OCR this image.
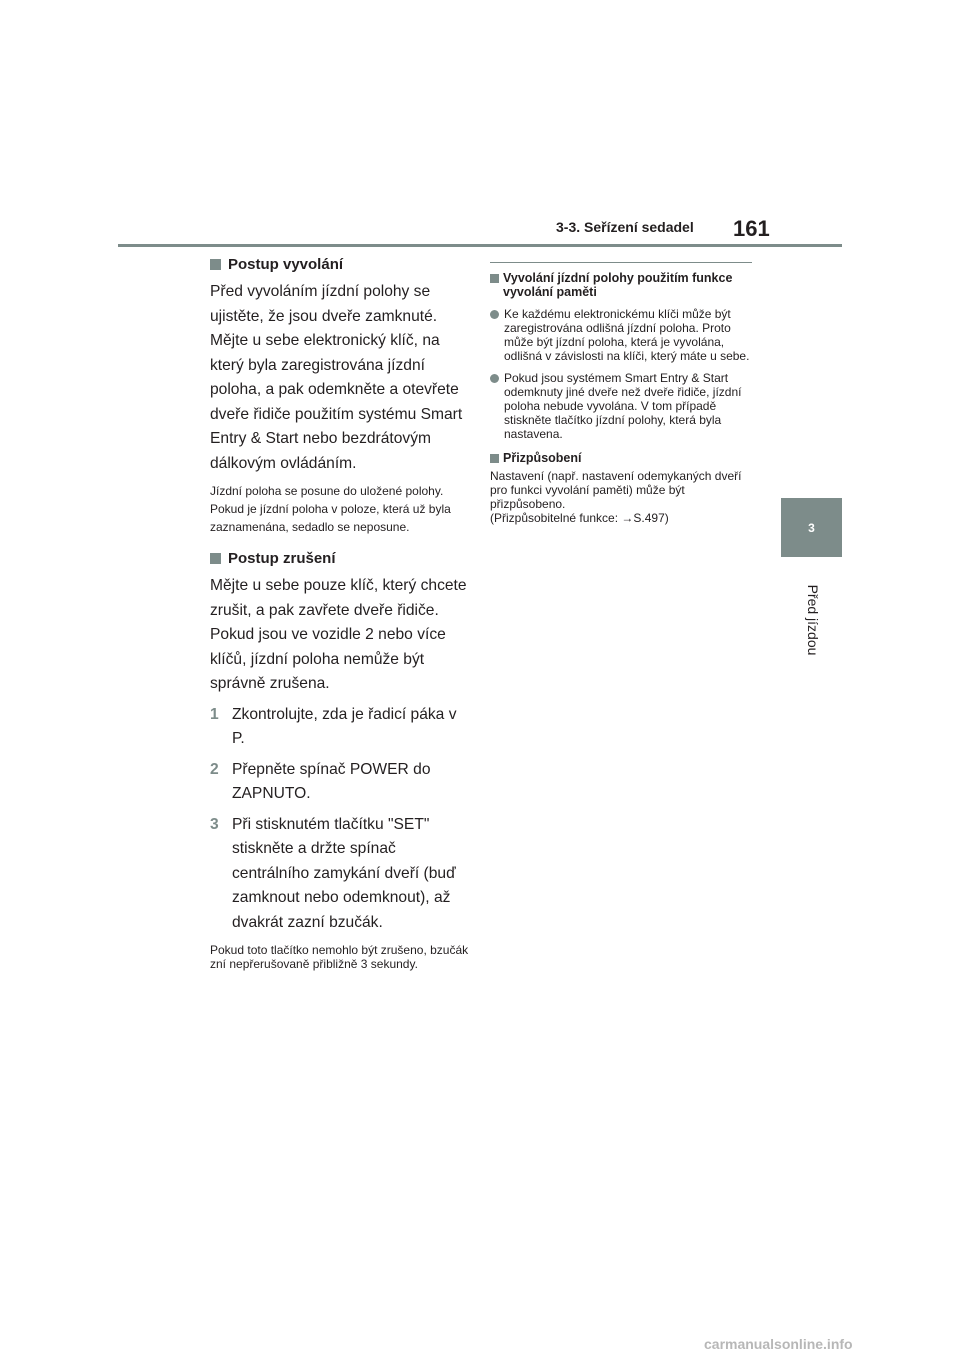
3-3. Seřízení sedadel 161
3
Před jízdou
Postup vyvolání

Před vyvoláním jízdní polohy se ujistěte, že jsou dveře zamknuté. Mějte u sebe elektronický klíč, na který byla zaregistrována jízdní poloha, a pak odemkněte a otevřete dveře řidiče použitím systému Smart Entry & Start nebo bezdrátovým dálkovým ovládáním.

Jízdní poloha se posune do uložené polohy.

Pokud je jízdní poloha v poloze, která už byla zaznamenána, sedadlo se neposune.

Postup zrušení

Mějte u sebe pouze klíč, který chcete zrušit, a pak zavřete dveře řidiče. Pokud jsou ve vozidle 2 nebo více klíčů, jízdní poloha nemůže být správně zrušena.

1 Zkontrolujte, zda je řadicí páka v P.
2 Přepněte spínač POWER do ZAPNUTO.
3 Při stisknutém tlačítku "SET" stiskněte a držte spínač centrálního zamykání dveří (buď zamknout nebo odemknout), až dvakrát zazní bzučák.

Pokud toto tlačítko nemohlo být zrušeno, bzučák zní nepřerušovaně přibližně 3 sekundy.

Vyvolání jízdní polohy použitím funkce vyvolání paměti
Ke každému elektronickému klíči může být zaregistrována odlišná jízdní poloha. Proto může být jízdní poloha, která je vyvolána, odlišná v závislosti na klíči, který máte u sebe.
Pokud jsou systémem Smart Entry & Start odemknuty jiné dveře než dveře řidiče, jízdní poloha nebude vyvolána. V tom případě stiskněte tlačítko jízdní polohy, která byla nastavena.
Přizpůsobení
Nastavení (např. nastavení odemykaných dveří pro funkci vyvolání paměti) může být přizpůsobeno.
(Přizpůsobitelné funkce: →S.497)
carmanualsonline.info
